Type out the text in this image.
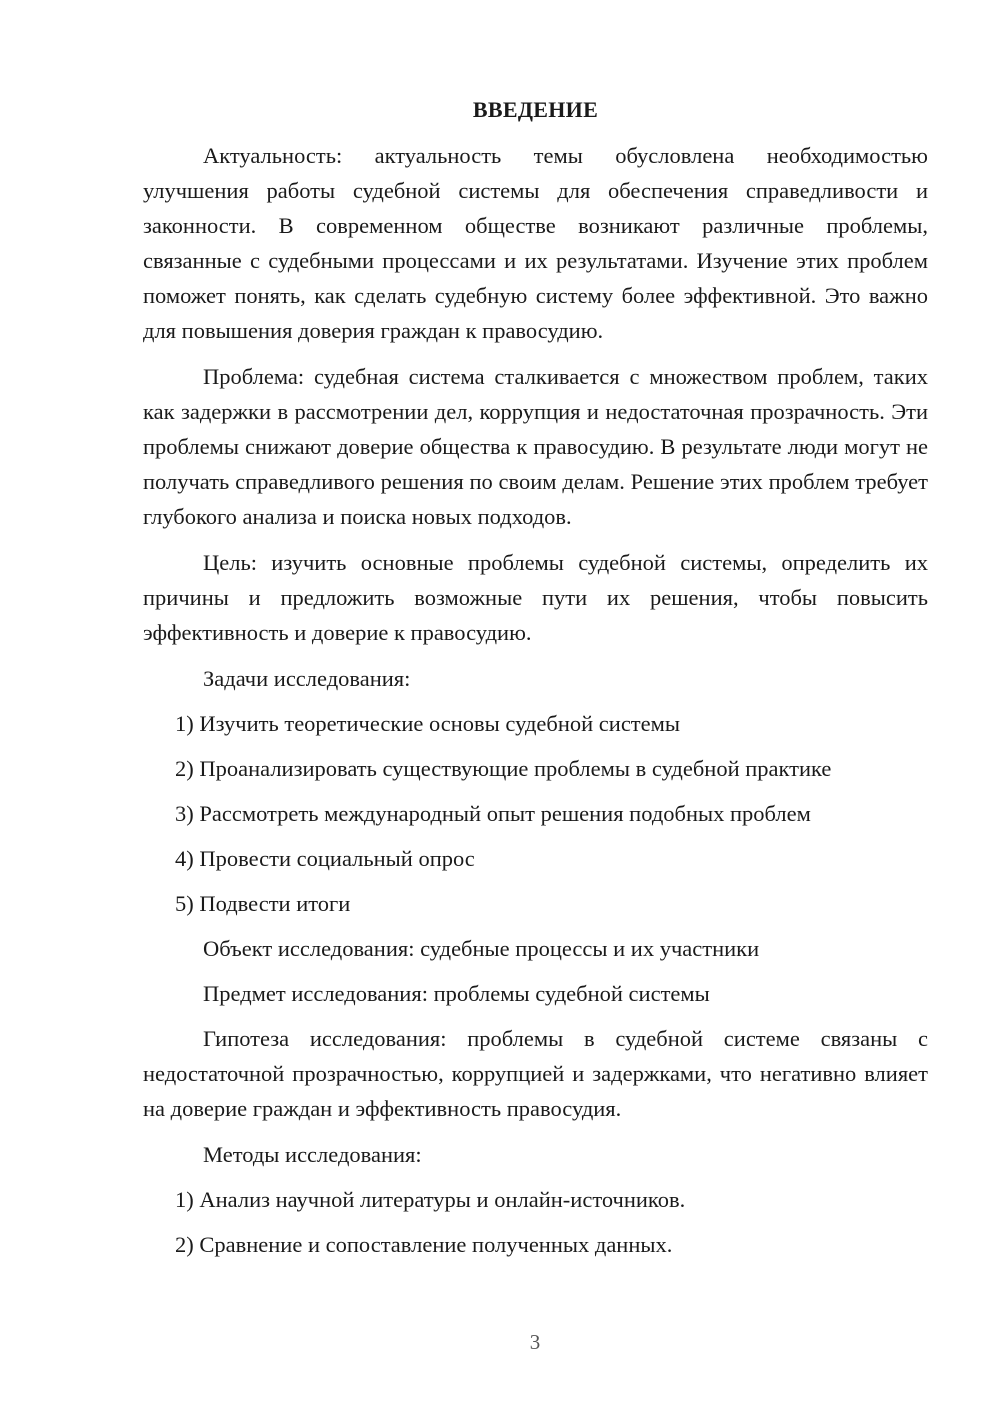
ВВЕДЕНИЕ

Актуальность: актуальность темы обусловлена необходимостью улучшения работы судебной системы для обеспечения справедливости и законности. В современном обществе возникают различные проблемы, связанные с судебными процессами и их результатами. Изучение этих проблем поможет понять, как сделать судебную систему более эффективной. Это важно для повышения доверия граждан к правосудию.

Проблема: судебная система сталкивается с множеством проблем, таких как задержки в рассмотрении дел, коррупция и недостаточная прозрачность. Эти проблемы снижают доверие общества к правосудию. В результате люди могут не получать справедливого решения по своим делам. Решение этих проблем требует глубокого анализа и поиска новых подходов.

Цель: изучить основные проблемы судебной системы, определить их причины и предложить возможные пути их решения, чтобы повысить эффективность и доверие к правосудию.

Задачи исследования:
1) Изучить теоретические основы судебной системы
2) Проанализировать существующие проблемы в судебной практике
3) Рассмотреть международный опыт решения подобных проблем
4) Провести социальный опрос
5) Подвести итоги
Объект исследования: судебные процессы и их участники
Предмет исследования: проблемы судебной системы

Гипотеза исследования: проблемы в судебной системе связаны с недостаточной прозрачностью, коррупцией и задержками, что негативно влияет на доверие граждан и эффективность правосудия.

Методы исследования:
1) Анализ научной литературы и онлайн-источников.
2) Сравнение и сопоставление полученных данных.
3
